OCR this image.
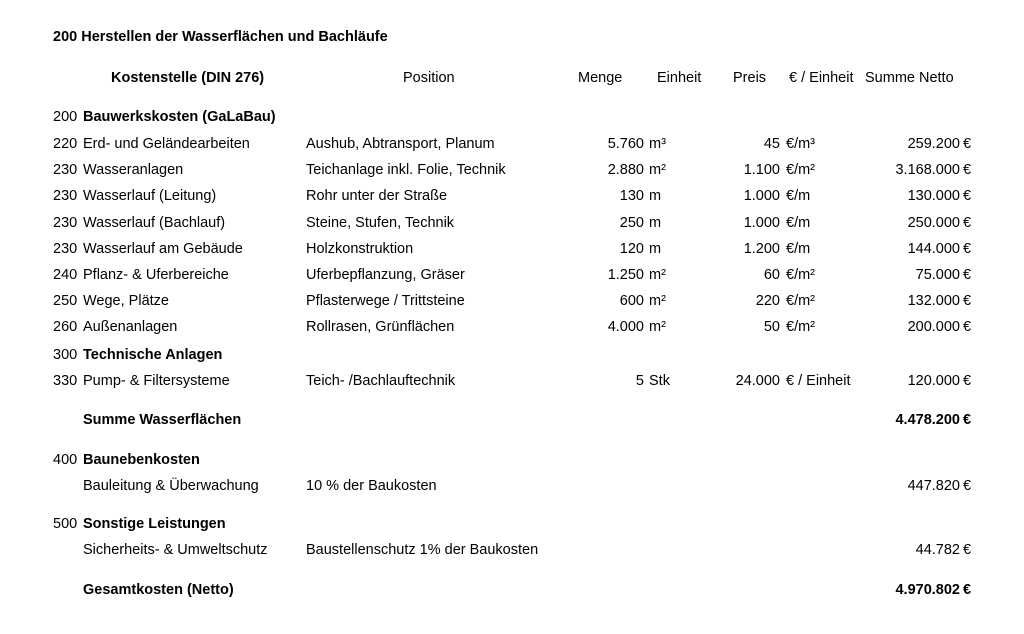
200 Herstellen der Wasserflächen und Bachläufe
Kostenstelle (DIN 276)	Position	Menge Einheit Preis € / Einheit Summe Netto
200 Bauwerkskosten (GaLaBau)
220 Erd- und Geländearbeiten	Aushub, Abtransport, Planum	5.760 m³	45 €/m³	259.200 €
230 Wasseranlagen	Teichanlage inkl. Folie, Technik	2.880 m²	1.100 €/m²	3.168.000 €
230 Wasserlauf (Leitung)	Rohr unter der Straße	130 m	1.000 €/m	130.000 €
230 Wasserlauf (Bachlauf)	Steine, Stufen, Technik	250 m	1.000 €/m	250.000 €
230 Wasserlauf am Gebäude	Holzkonstruktion	120 m	1.200 €/m	144.000 €
240 Pflanz- & Uferbereiche	Uferbepflanzung, Gräser	1.250 m²	60 €/m²	75.000 €
250 Wege, Plätze	Pflasterwege / Trittsteine	600 m²	220 €/m²	132.000 €
260 Außenanlagen	Rollrasen, Grünflächen	4.000 m²	50 €/m²	200.000 €
300 Technische Anlagen
330 Pump- & Filtersysteme	Teich- /Bachlauftechnik	5 Stk	24.000 € / Einheit	120.000 €
Summe Wasserflächen	4.478.200 €
400 Baunebenkosten
Bauleitung & Überwachung	10 % der Baukosten	447.820 €
500 Sonstige Leistungen
Sicherheits- & Umweltschutz	Baustellenschutz 1% der Baukosten	44.782 €
Gesamtkosten (Netto)	4.970.802 €
